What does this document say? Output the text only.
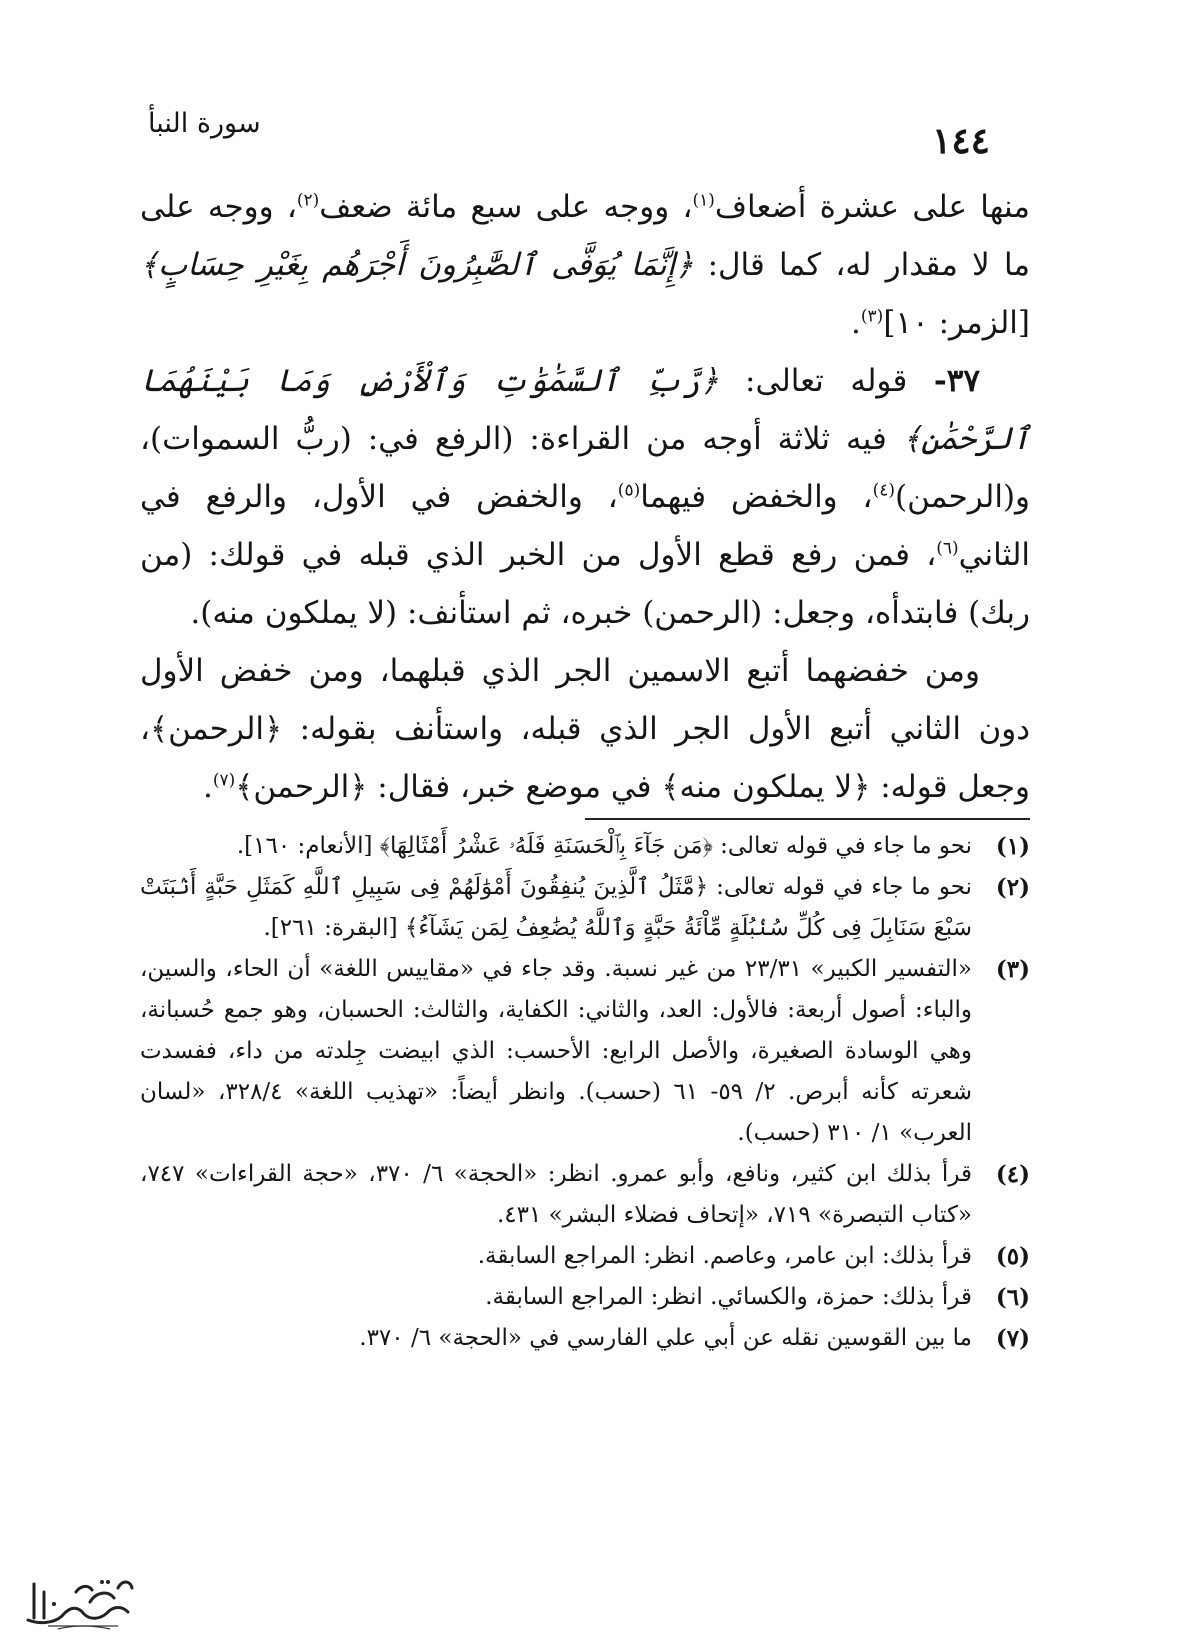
١٤٤
سورة النبأ

منها على عشرة أضعاف$^{(١)}$، ووجه على سبع مائة ضعف$^{(٢)}$، ووجه على ما لا مقدار له، كما قال: ﴿إِنَّمَا يُوَفَّى ٱلصَّٰبِرُونَ أَجْرَهُم بِغَيْرِ حِسَابٍ﴾ [الزمر: ١٠]$^{(٣)}$.

٣٧- قوله تعالى: ﴿رَّبِّ ٱلسَّمَٰوَٰتِ وَٱلْأَرْضِ وَمَا بَيْنَهُمَا ٱلرَّحْمَٰنِ﴾ فيه ثلاثة أوجه من القراءة: (الرفع في: (ربُّ السموات)، و(الرحمن)$^{(٤)}$، والخفض فيهما$^{(٥)}$، والخفض في الأول، والرفع في الثاني$^{(٦)}$، فمن رفع قطع الأول من الخبر الذي قبله في قولك: (من ربك) فابتدأه، وجعل: (الرحمن) خبره، ثم استأنف: (لا يملكون منه).

ومن خفضهما أتبع الاسمين الجر الذي قبلهما، ومن خفض الأول دون الثاني أتبع الأول الجر الذي قبله، واستأنف بقوله: ﴿الرحمن﴾، وجعل قوله: ﴿لا يملكون منه﴾ في موضع خبر، فقال: ﴿الرحمن﴾$^{(٧)}$.

(١)
نحو ما جاء في قوله تعالى: ﴿مَن جَآءَ بِٱلْحَسَنَةِ فَلَهُۥ عَشْرُ أَمْثَالِهَا﴾ [الأنعام: ١٦٠].
(٢)
نحو ما جاء في قوله تعالى: ﴿مَّثَلُ ٱلَّذِينَ يُنفِقُونَ أَمْوَٰلَهُمْ فِى سَبِيلِ ٱللَّهِ كَمَثَلِ حَبَّةٍ أَنۢبَتَتْ سَبْعَ سَنَابِلَ فِى كُلِّ سُنۢبُلَةٍ مِّاْئَةُ حَبَّةٍ وَٱللَّهُ يُضَٰعِفُ لِمَن يَشَآءُ﴾ [البقرة: ٢٦١].
(٣)
«التفسير الكبير» ٢٣/٣١ من غير نسبة. وقد جاء في «مقاييس اللغة» أن الحاء، والسين، والباء: أصول أربعة: فالأول: العد، والثاني: الكفاية، والثالث: الحسبان، وهو جمع حُسبانة، وهي الوسادة الصغيرة، والأصل الرابع: الأحسب: الذي ابيضت جِلدته من داء، ففسدت شعرته كأنه أبرص. ٢/ ٥٩- ٦١ (حسب). وانظر أيضاً: «تهذيب اللغة» ٣٢٨/٤، «لسان العرب» ١/ ٣١٠ (حسب).
(٤)
قرأ بذلك ابن كثير، ونافع، وأبو عمرو. انظر: «الحجة» ٦/ ٣٧٠، «حجة القراءات» ٧٤٧، «كتاب التبصرة» ٧١٩، «إتحاف فضلاء البشر» ٤٣١.
(٥)
قرأ بذلك: ابن عامر، وعاصم. انظر: المراجع السابقة.
(٦)
قرأ بذلك: حمزة، والكسائي. انظر: المراجع السابقة.
(٧)
ما بين القوسين نقله عن أبي علي الفارسي في «الحجة» ٦/ ٣٧٠.
